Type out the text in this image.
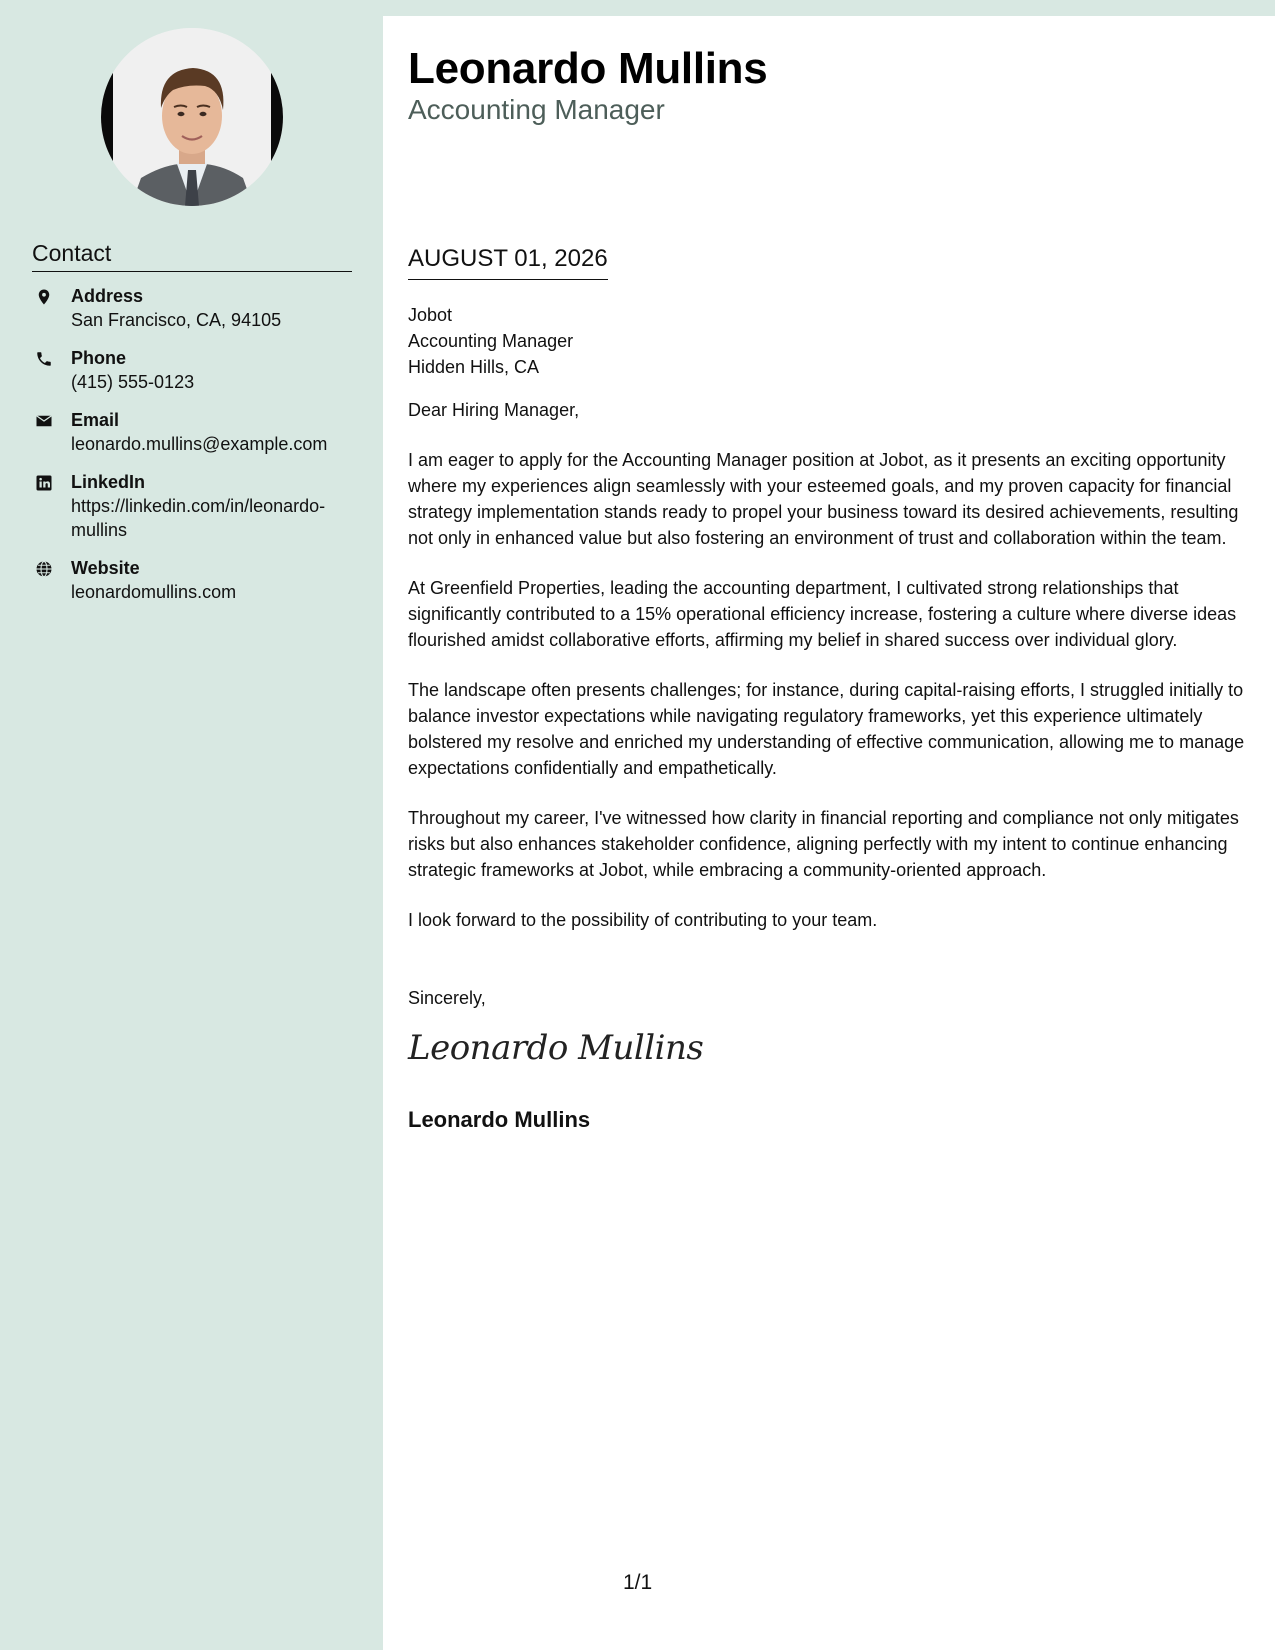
Contact
Address
San Francisco, CA, 94105
Phone
(415) 555-0123
Email
leonardo.mullins@example.com
LinkedIn
https://linkedin.com/in/leonardo-mullins
Website
leonardomullins.com
Leonardo Mullins
Accounting Manager
AUGUST 01, 2026

Jobot

Accounting Manager

Hidden Hills, CA

Dear Hiring Manager,

I am eager to apply for the Accounting Manager position at Jobot, as it presents an exciting opportunity where my experiences align seamlessly with your esteemed goals, and my proven capacity for financial strategy implementation stands ready to propel your business toward its desired achievements, resulting not only in enhanced value but also fostering an environment of trust and collaboration within the team.

At Greenfield Properties, leading the accounting department, I cultivated strong relationships that significantly contributed to a 15% operational efficiency increase, fostering a culture where diverse ideas flourished amidst collaborative efforts, affirming my belief in shared success over individual glory.

The landscape often presents challenges; for instance, during capital-raising efforts, I struggled initially to balance investor expectations while navigating regulatory frameworks, yet this experience ultimately bolstered my resolve and enriched my understanding of effective communication, allowing me to manage expectations confidentially and empathetically.

Throughout my career, I've witnessed how clarity in financial reporting and compliance not only mitigates risks but also enhances stakeholder confidence, aligning perfectly with my intent to continue enhancing strategic frameworks at Jobot, while embracing a community-oriented approach.

I look forward to the possibility of contributing to your team.

Sincerely,

Leonardo Mullins
Leonardo Mullins
1/1
